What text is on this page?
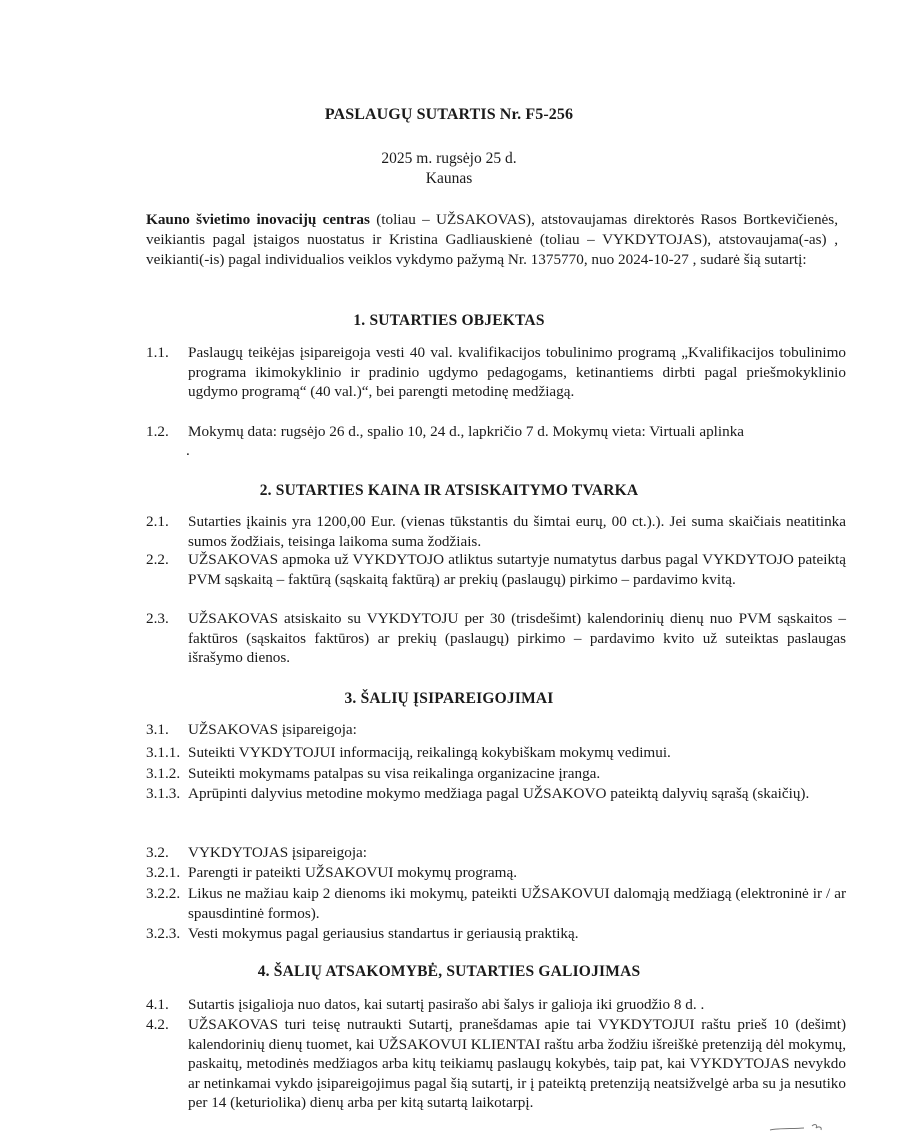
PASLAUGŲ SUTARTIS Nr. F5-256
2025 m. rugsėjo 25 d.
Kaunas
Kauno švietimo inovacijų centras (toliau – UŽSAKOVAS), atstovaujamas direktorės Rasos Bortkevičienės, veikiantis pagal įstaigos nuostatus ir Kristina Gadliauskienė (toliau – VYKDYTOJAS), atstovaujama(-as) , veikianti(-is) pagal individualios veiklos vykdymo pažymą Nr. 1375770, nuo 2024-10-27 , sudarė šią sutartį:
1. SUTARTIES OBJEKTAS
1.1. Paslaugų teikėjas įsipareigoja vesti 40 val. kvalifikacijos tobulinimo programą „Kvalifikacijos tobulinimo programa ikimokyklinio ir pradinio ugdymo pedagogams, ketinantiems dirbti pagal priešmokyklinio ugdymo programą“ (40 val.)“, bei parengti metodinę medžiagą.
1.2. Mokymų data: rugsėjo 26 d., spalio 10, 24 d., lapkričio 7 d. Mokymų vieta: Virtuali aplinka
.
2. SUTARTIES KAINA IR ATSISKAITYMO TVARKA
2.1. Sutarties įkainis yra 1200,00 Eur. (vienas tūkstantis du šimtai eurų, 00 ct.).). Jei suma skaičiais neatitinka sumos žodžiais, teisinga laikoma suma žodžiais.
2.2. UŽSAKOVAS apmoka už VYKDYTOJO atliktus sutartyje numatytus darbus pagal VYKDYTOJO pateiktą PVM sąskaitą – faktūrą (sąskaitą faktūrą) ar prekių (paslaugų) pirkimo – pardavimo kvitą.
2.3. UŽSAKOVAS atsiskaito su VYKDYTOJU per 30 (trisdešimt) kalendorinių dienų nuo PVM sąskaitos – faktūros (sąskaitos faktūros) ar prekių (paslaugų) pirkimo – pardavimo kvito už suteiktas paslaugas išrašymo dienos.
3. ŠALIŲ ĮSIPAREIGOJIMAI
3.1. UŽSAKOVAS įsipareigoja:
3.1.1. Suteikti VYKDYTOJUI informaciją, reikalingą kokybiškam mokymų vedimui.
3.1.2. Suteikti mokymams patalpas su visa reikalinga organizacine įranga.
3.1.3. Aprūpinti dalyvius metodine mokymo medžiaga pagal UŽSAKOVO pateiktą dalyvių sąrašą (skaičių).
3.2. VYKDYTOJAS įsipareigoja:
3.2.1. Parengti ir pateikti UŽSAKOVUI mokymų programą.
3.2.2. Likus ne mažiau kaip 2 dienoms iki mokymų, pateikti UŽSAKOVUI dalomąją medžiagą (elektroninė ir / ar spausdintinė formos).
3.2.3. Vesti mokymus pagal geriausius standartus ir geriausią praktiką.
4. ŠALIŲ ATSAKOMYBĖ, SUTARTIES GALIOJIMAS
4.1. Sutartis įsigalioja nuo datos, kai sutartį pasirašo abi šalys ir galioja iki gruodžio 8 d. .
4.2. UŽSAKOVAS turi teisę nutraukti Sutartį, pranešdamas apie tai VYKDYTOJUI raštu prieš 10 (dešimt) kalendorinių dienų tuomet, kai UŽSAKOVUI KLIENTAI raštu arba žodžiu išreiškė pretenziją dėl mokymų, paskaitų, metodinės medžiagos arba kitų teikiamų paslaugų kokybės, taip pat, kai VYKDYTOJAS nevykdo ar netinkamai vykdo įsipareigojimus pagal šią sutartį, ir į pateiktą pretenziją neatsižvelgė arba su ja nesutiko per 14 (keturiolika) dienų arba per kitą sutartą laikotarpį.
